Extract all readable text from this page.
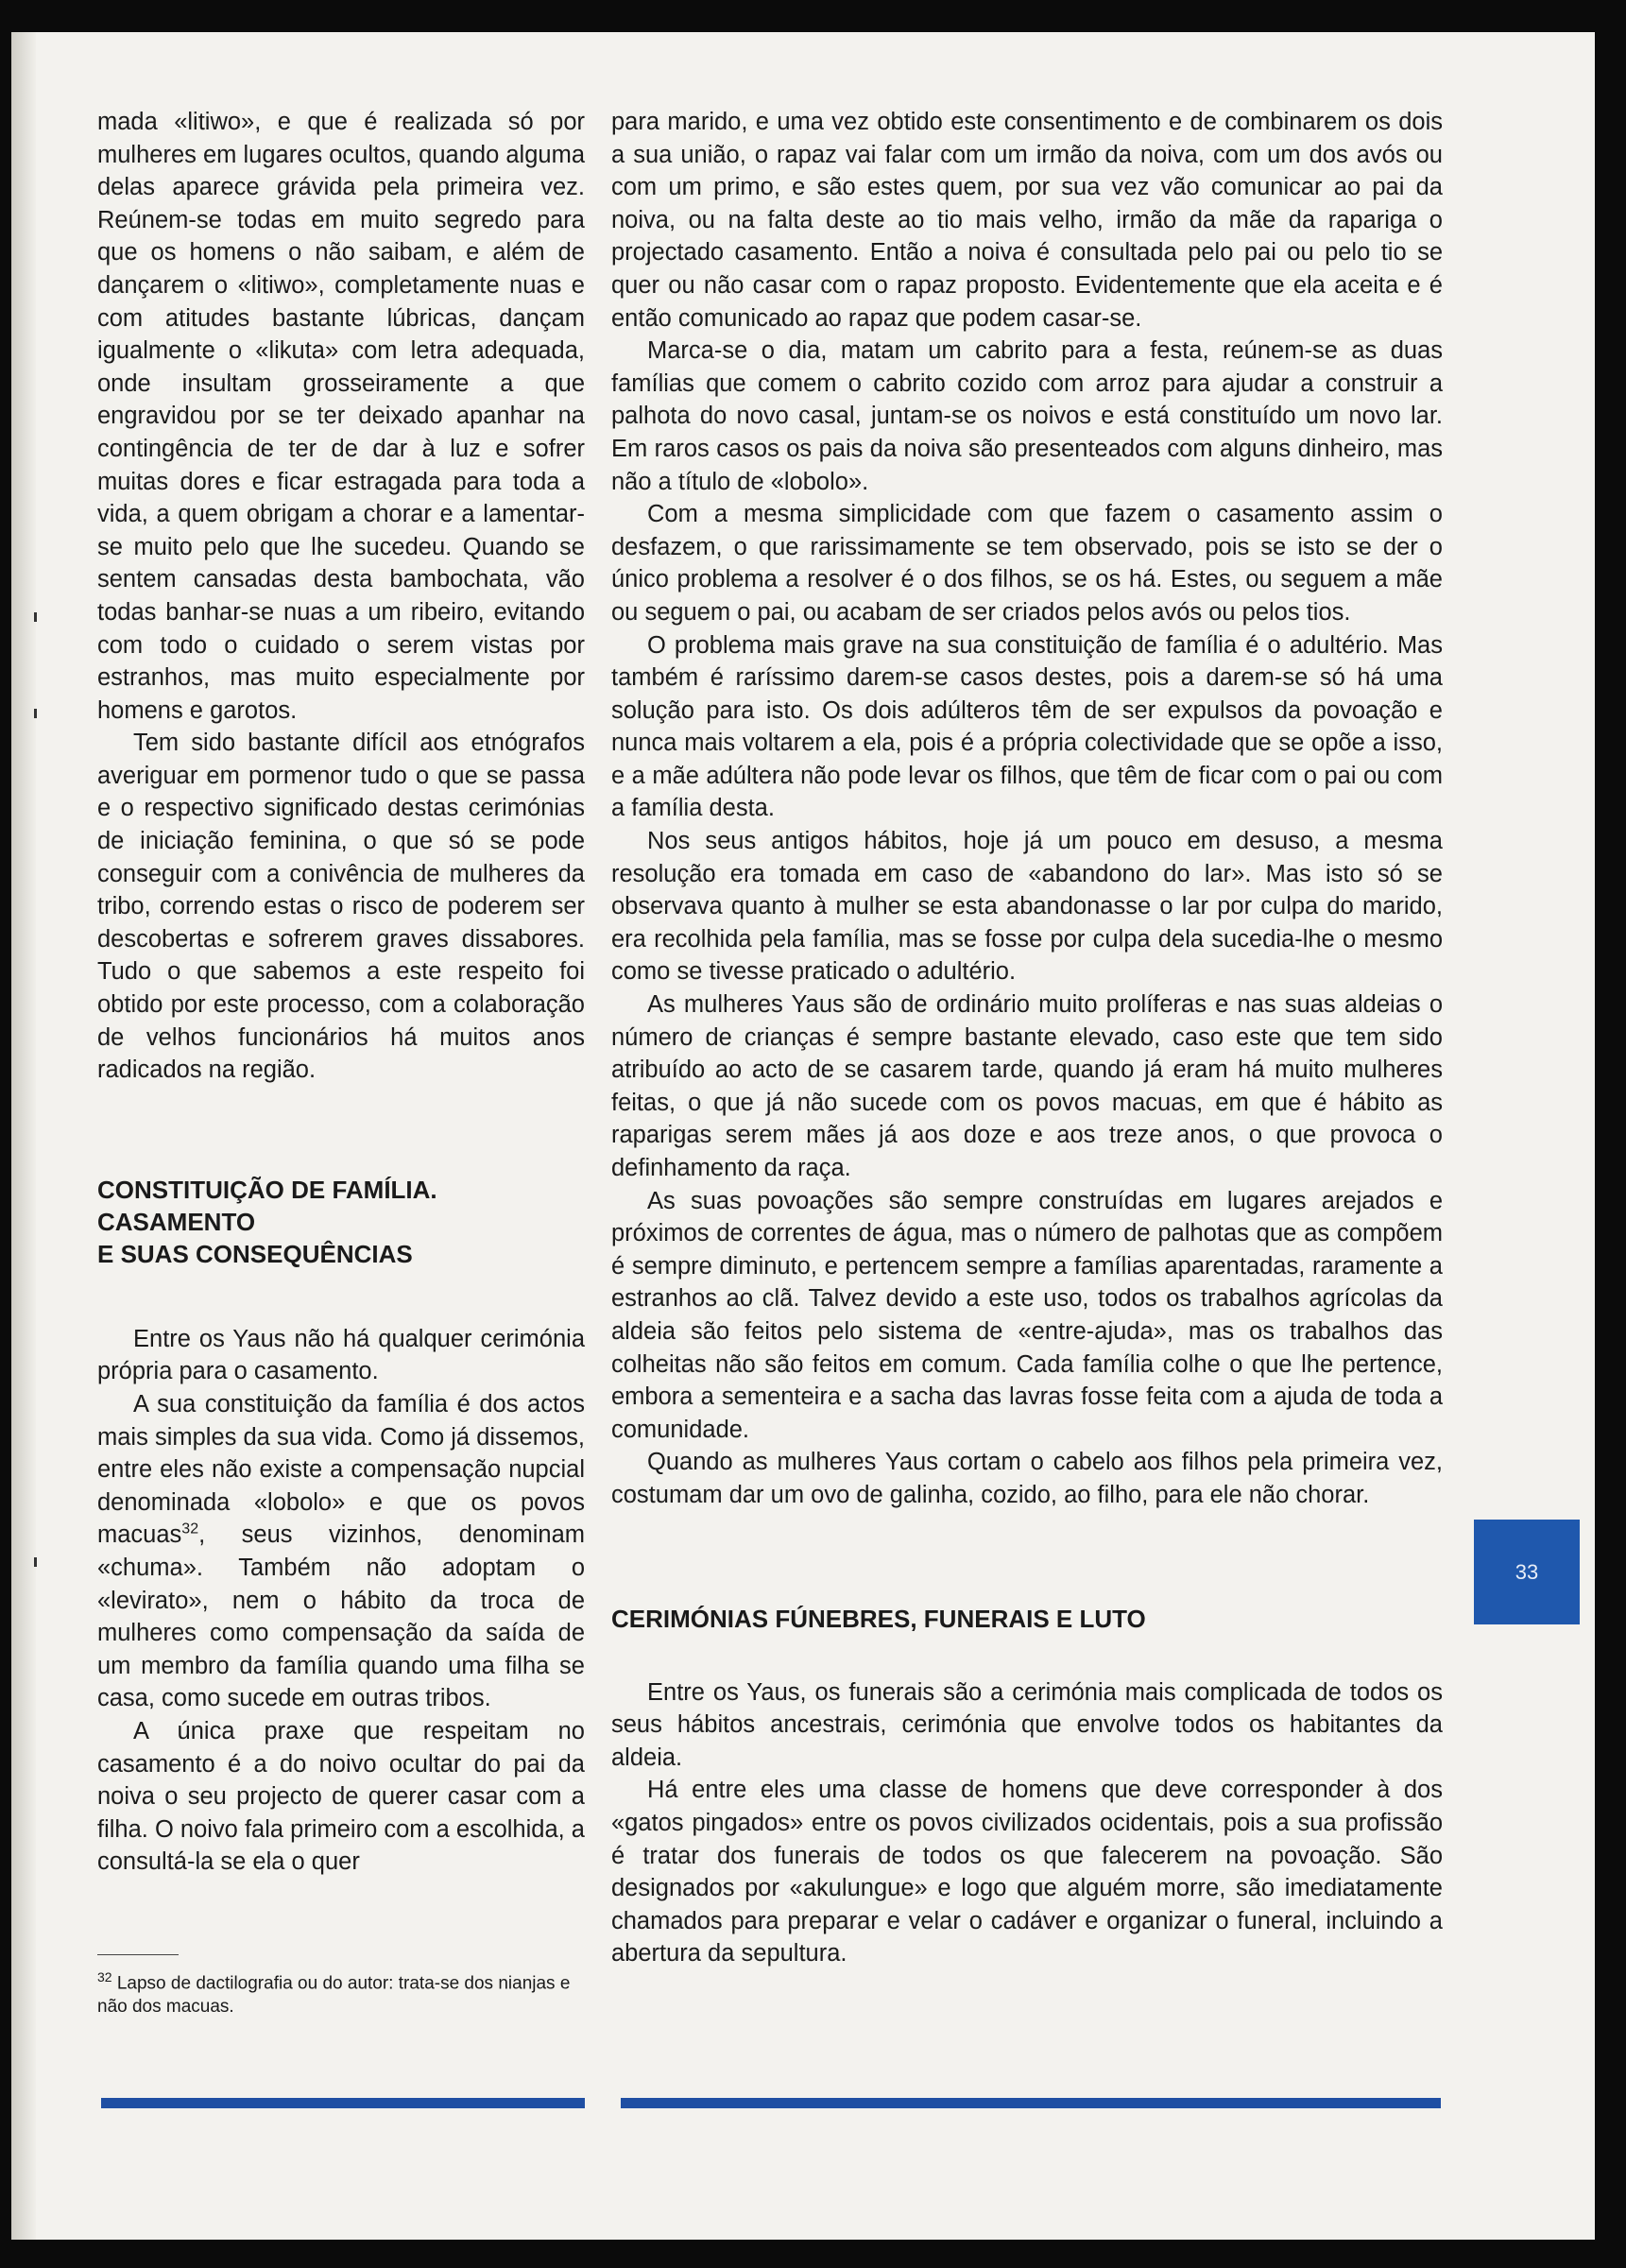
mada «litiwo», e que é realizada só por mulheres em lugares ocultos, quando alguma delas aparece grávida pela primeira vez. Reúnem-se todas em muito segredo para que os homens o não saibam, e além de dançarem o «litiwo», completamente nuas e com atitudes bastante lúbricas, dançam igualmente o «likuta» com letra adequada, onde insultam grosseiramente a que engravidou por se ter deixado apanhar na contingência de ter de dar à luz e sofrer muitas dores e ficar estragada para toda a vida, a quem obrigam a chorar e a lamentar-se muito pelo que lhe sucedeu. Quando se sentem cansadas desta bambochata, vão todas banhar-se nuas a um ribeiro, evitando com todo o cuidado o serem vistas por estranhos, mas muito especialmente por homens e garotos.

Tem sido bastante difícil aos etnógrafos averiguar em pormenor tudo o que se passa e o respectivo significado destas cerimónias de iniciação feminina, o que só se pode conseguir com a conivência de mulheres da tribo, correndo estas o risco de poderem ser descobertas e sofrerem graves dissabores. Tudo o que sabemos a este respeito foi obtido por este processo, com a colaboração de velhos funcionários há muitos anos radicados na região.

CONSTITUIÇÃO DE FAMÍLIA.
CASAMENTO
E SUAS CONSEQUÊNCIAS

Entre os Yaus não há qualquer cerimónia própria para o casamento.

A sua constituição da família é dos actos mais simples da sua vida. Como já dissemos, entre eles não existe a compensação nupcial denominada «lobolo» e que os povos macuas$^{32}$, seus vizinhos, denominam «chuma». Também não adoptam o «levirato», nem o hábito da troca de mulheres como compensação da saída de um membro da família quando uma filha se casa, como sucede em outras tribos.

A única praxe que respeitam no casamento é a do noivo ocultar do pai da noiva o seu projecto de querer casar com a filha. O noivo fala primeiro com a escolhida, a consultá-la se ela o quer

$^{32}$ Lapso de dactilografia ou do autor: trata-se dos nianjas e não dos macuas.

para marido, e uma vez obtido este consentimento e de combinarem os dois a sua união, o rapaz vai falar com um irmão da noiva, com um dos avós ou com um primo, e são estes quem, por sua vez vão comunicar ao pai da noiva, ou na falta deste ao tio mais velho, irmão da mãe da rapariga o projectado casamento. Então a noiva é consultada pelo pai ou pelo tio se quer ou não casar com o rapaz proposto. Evidentemente que ela aceita e é então comunicado ao rapaz que podem casar-se.

Marca-se o dia, matam um cabrito para a festa, reúnem-se as duas famílias que comem o cabrito cozido com arroz para ajudar a construir a palhota do novo casal, juntam-se os noivos e está constituído um novo lar. Em raros casos os pais da noiva são presenteados com alguns dinheiro, mas não a título de «lobolo».

Com a mesma simplicidade com que fazem o casamento assim o desfazem, o que rarissimamente se tem observado, pois se isto se der o único problema a resolver é o dos filhos, se os há. Estes, ou seguem a mãe ou seguem o pai, ou acabam de ser criados pelos avós ou pelos tios.

O problema mais grave na sua constituição de família é o adultério. Mas também é raríssimo darem-se casos destes, pois a darem-se só há uma solução para isto. Os dois adúlteros têm de ser expulsos da povoação e nunca mais voltarem a ela, pois é a própria colectividade que se opõe a isso, e a mãe adúltera não pode levar os filhos, que têm de ficar com o pai ou com a família desta.

Nos seus antigos hábitos, hoje já um pouco em desuso, a mesma resolução era tomada em caso de «abandono do lar». Mas isto só se observava quanto à mulher se esta abandonasse o lar por culpa do marido, era recolhida pela família, mas se fosse por culpa dela sucedia-lhe o mesmo como se tivesse praticado o adultério.

As mulheres Yaus são de ordinário muito prolíferas e nas suas aldeias o número de crianças é sempre bastante elevado, caso este que tem sido atribuído ao acto de se casarem tarde, quando já eram há muito mulheres feitas, o que já não sucede com os povos macuas, em que é hábito as raparigas serem mães já aos doze e aos treze anos, o que provoca o definhamento da raça.

As suas povoações são sempre construídas em lugares arejados e próximos de correntes de água, mas o número de palhotas que as compõem é sempre diminuto, e pertencem sempre a famílias aparentadas, raramente a estranhos ao clã. Talvez devido a este uso, todos os trabalhos agrícolas da aldeia são feitos pelo sistema de «entre-ajuda», mas os trabalhos das colheitas não são feitos em comum. Cada família colhe o que lhe pertence, embora a sementeira e a sacha das lavras fosse feita com a ajuda de toda a comunidade.

Quando as mulheres Yaus cortam o cabelo aos filhos pela primeira vez, costumam dar um ovo de galinha, cozido, ao filho, para ele não chorar.

CERIMÓNIAS FÚNEBRES, FUNERAIS E LUTO

Entre os Yaus, os funerais são a cerimónia mais complicada de todos os seus hábitos ancestrais, cerimónia que envolve todos os habitantes da aldeia.

Há entre eles uma classe de homens que deve corresponder à dos «gatos pingados» entre os povos civilizados ocidentais, pois a sua profissão é tratar dos funerais de todos os que falecerem na povoação. São designados por «akulungue» e logo que alguém morre, são imediatamente chamados para preparar e velar o cadáver e organizar o funeral, incluindo a abertura da sepultura.

33
